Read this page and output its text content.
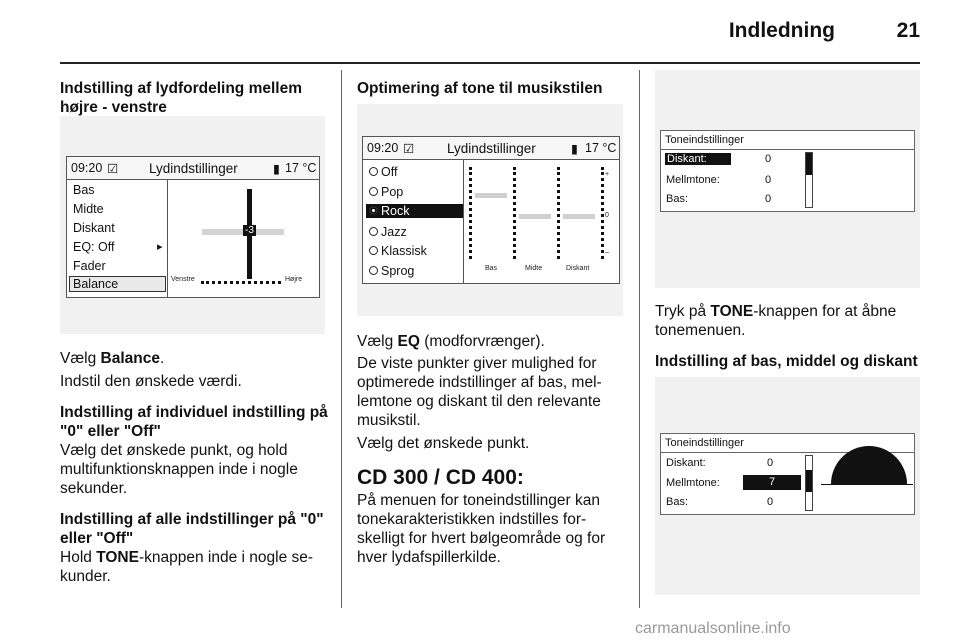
Indledning	21
Indstilling af lydfordeling mellem højre - venstre
09:20 ☑ Lydindstillinger	▮ 17 °C
Bas
Midte
Diskant
EQ: Off	▸
Fader
Balance
-3
Venstre	Højre

Vælg Balance.

Indstil den ønskede værdi.

Indstilling af individuel indstilling på "0" eller "Off"

Vælg det ønskede punkt, og hold multifunktionsknappen inde i nogle sekunder.

Indstilling af alle indstillinger på "0" eller "Off"

Hold TONE-knappen inde i nogle se-kunder.

Optimering af tone til musikstilen
09:20 ☑ Lydindstillinger	▮ 17 °C
Off
Pop
Rock
Jazz
Klassisk
Sprog
+
0
–
Bas	Midte	Diskant

Vælg EQ (modforvrænger).

De viste punkter giver mulighed for optimerede indstillinger af bas, mel-lemtone og diskant til den relevante musikstil.

Vælg det ønskede punkt.

CD 300 / CD 400:

På menuen for toneindstillinger kan tonekarakteristikken indstilles for-skelligt for hvert bølgeområde og for hver lydafspillerkilde.

Toneindstillinger
Diskant:	0
Mellmtone:	0
Bas:	0

Tryk på TONE-knappen for at åbne tonemenuen.

Indstilling af bas, middel og diskant

Toneindstillinger
Diskant:	0
Mellmtone:	7
Bas:	0
carmanualsonline.info
